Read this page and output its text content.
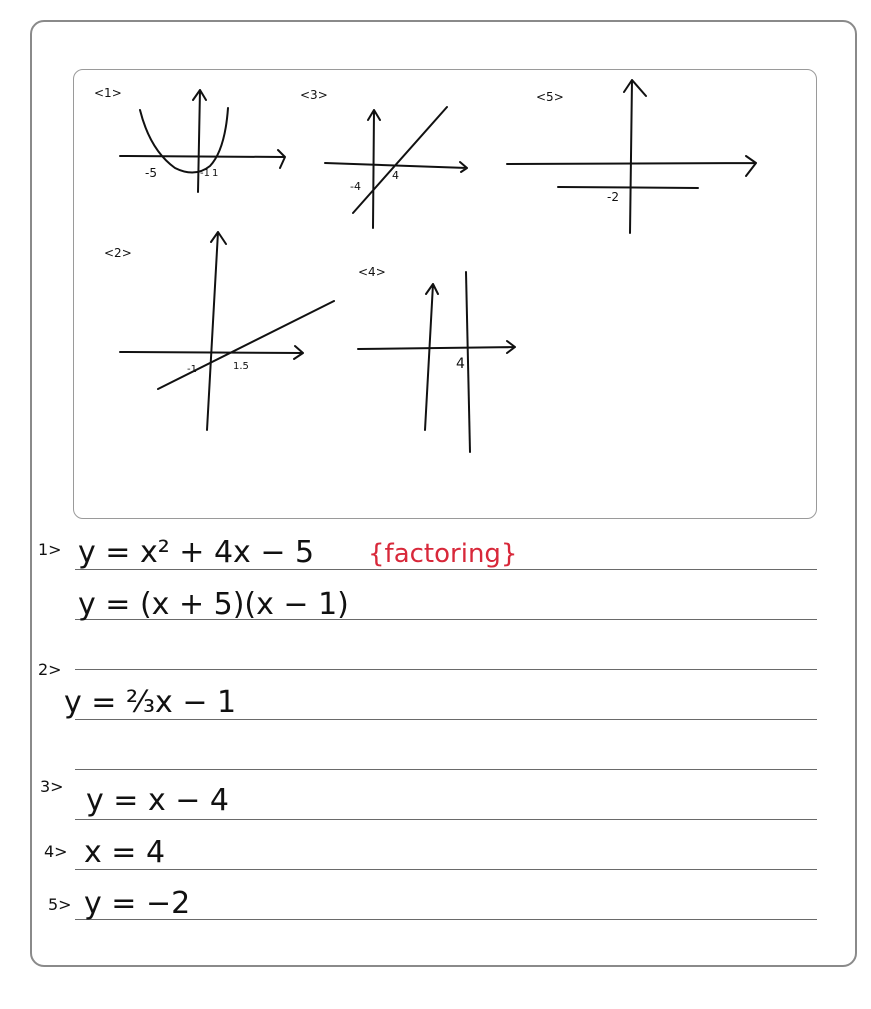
<1>
-5	-1 1
<3>
-4
4
<5>
-2
<2>
-1	1.5
<4>
4
1> y = x² + 4x − 5
y = (x + 5)(x − 1)
{factoring}
2>
y = ⅔x − 1
3> y = x − 4
4> x = 4
5> y = −2
